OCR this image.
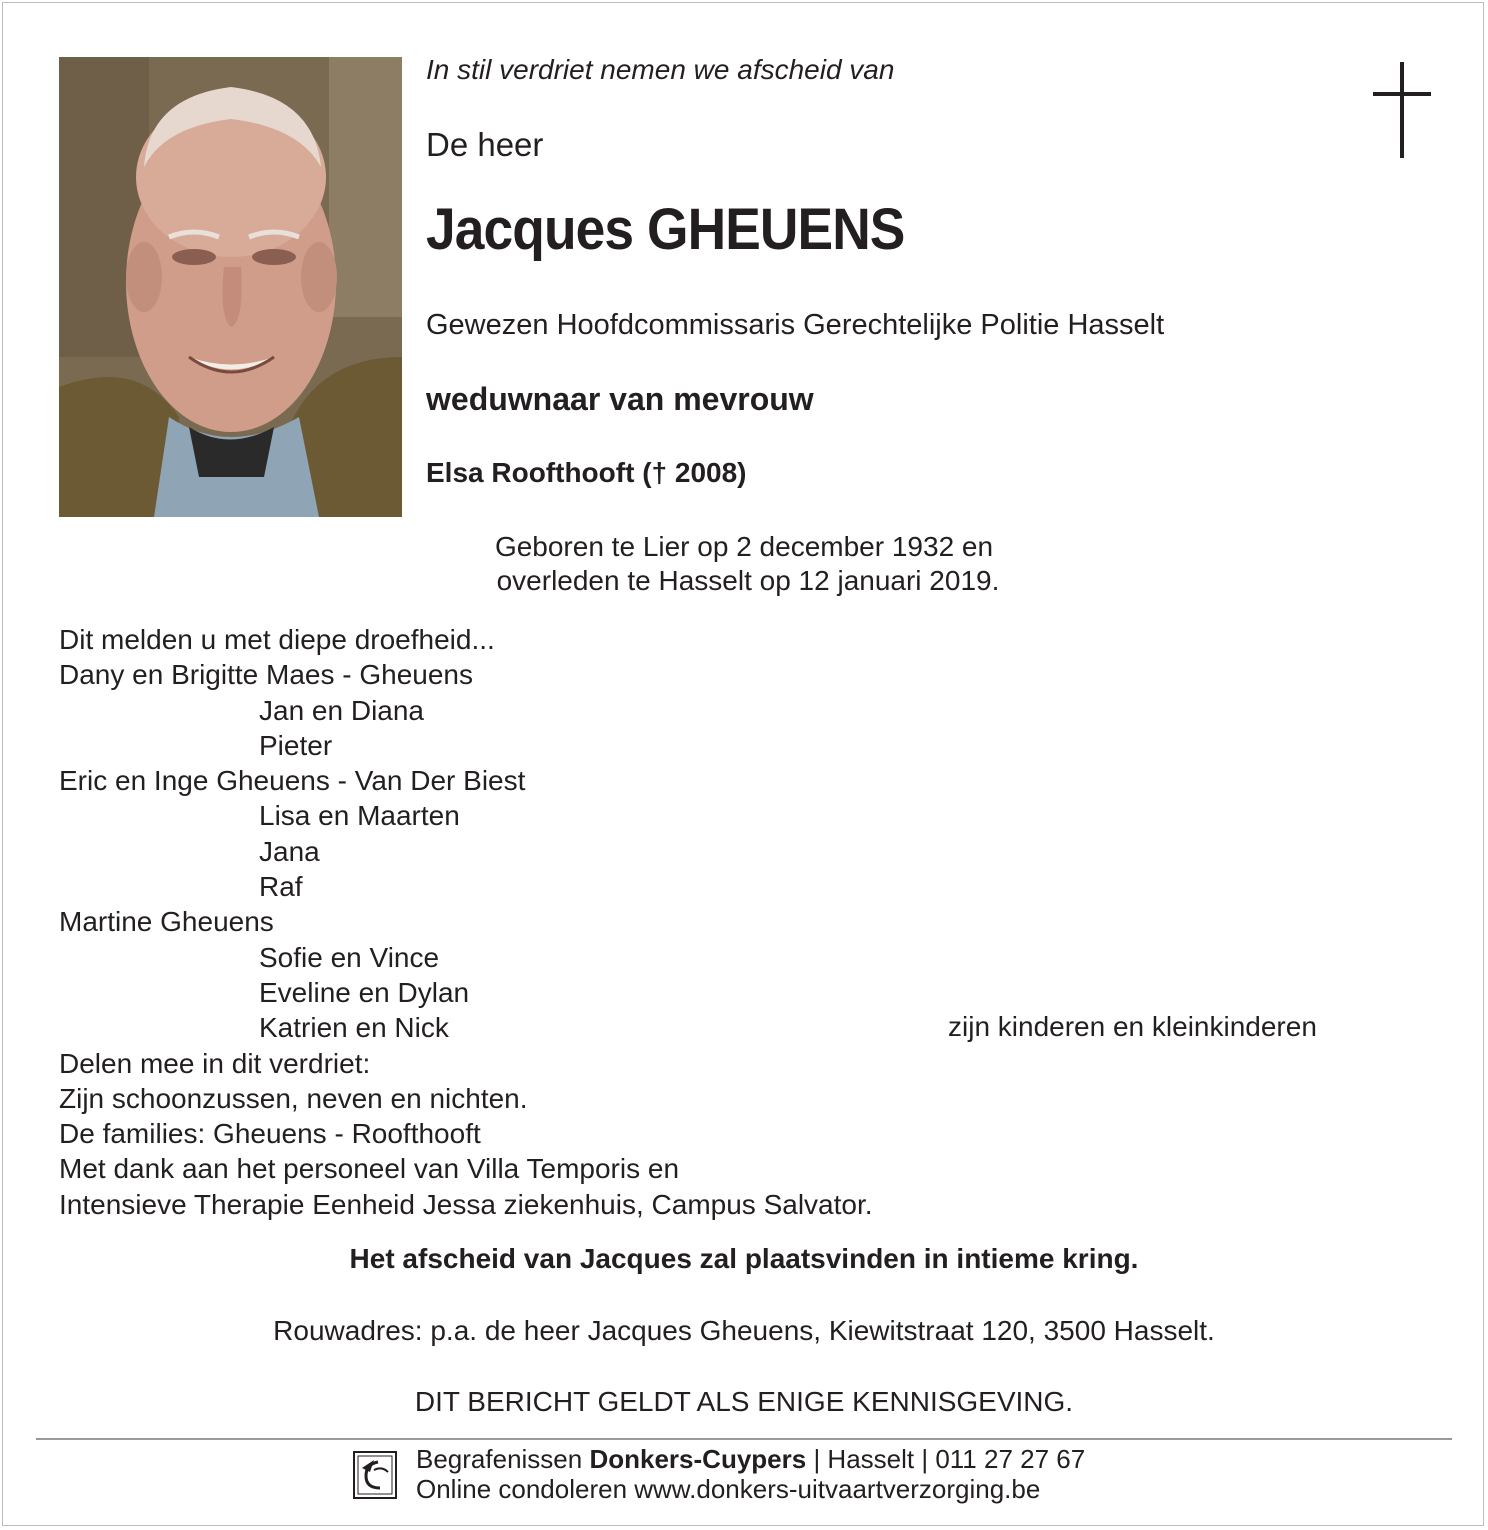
In stil verdriet nemen we afscheid van
De heer
Jacques GHEUENS
Gewezen Hoofdcommissaris Gerechtelijke Politie Hasselt
weduwnaar van mevrouw
Elsa Roofthooft († 2008)
Geboren te Lier op 2 december 1932 en
overleden te Hasselt op 12 januari 2019.
Dit melden u met diepe droefheid...
Dany en Brigitte Maes - Gheuens
Jan en Diana
Pieter
Eric en Inge Gheuens - Van Der Biest
Lisa en Maarten
Jana
Raf
Martine Gheuens
Sofie en Vince
Eveline en Dylan
Katrien en Nick
Delen mee in dit verdriet:
Zijn schoonzussen, neven en nichten.
De families: Gheuens - Roofthooft
Met dank aan het personeel van Villa Temporis en
Intensieve Therapie Eenheid Jessa ziekenhuis, Campus Salvator.
zijn kinderen en kleinkinderen
Het afscheid van Jacques zal plaatsvinden in intieme kring.
Rouwadres: p.a. de heer Jacques Gheuens, Kiewitstraat 120, 3500 Hasselt.
DIT BERICHT GELDT ALS ENIGE KENNISGEVING.
Begrafenissen Donkers-Cuypers | Hasselt | 011 27 27 67
Online condoleren www.donkers-uitvaartverzorging.be
